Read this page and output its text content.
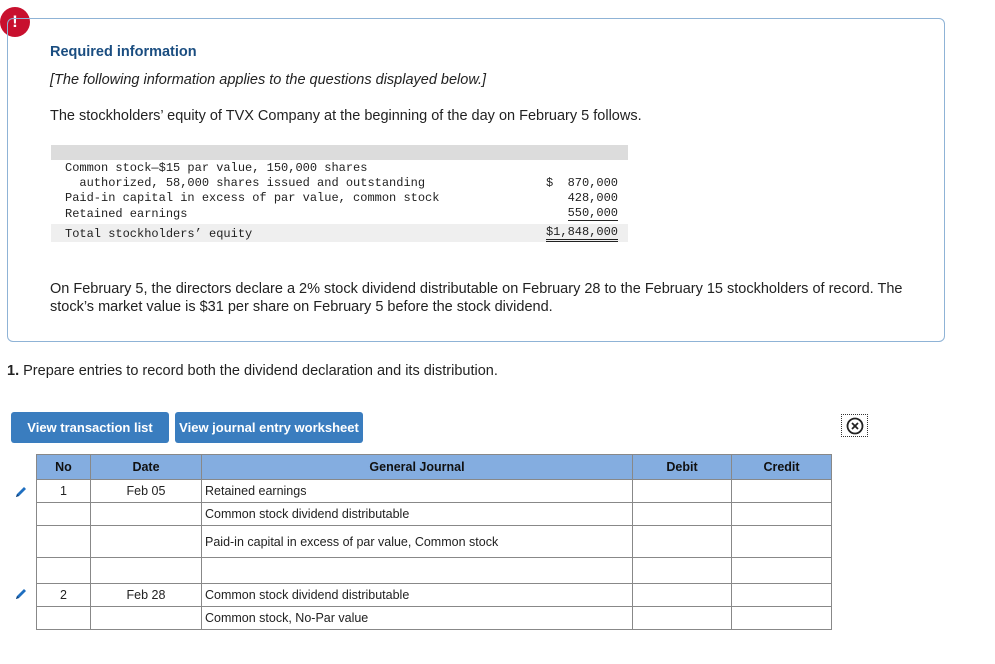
!
Required information
[The following information applies to the questions displayed below.]
The stockholders’ equity of TVX Company at the beginning of the day on February 5 follows.
Common stock—$15 par value, 150,000 shares
authorized, 58,000 shares issued and outstanding	$  870,000
Paid-in capital in excess of par value, common stock	428,000
Retained earnings	550,000
Total stockholders’ equity	$1,848,000
On February 5, the directors declare a 2% stock dividend distributable on February 28 to the February 15 stockholders of record. The stock’s market value is $31 per share on February 5 before the stock dividend.
1. Prepare entries to record both the dividend declaration and its distribution.
View transaction list	View journal entry worksheet
No	Date	General Journal	Debit	Credit
1	Feb 05	Retained earnings		
		Common stock dividend distributable		
		Paid-in capital in excess of par value, Common stock		

2	Feb 28	Common stock dividend distributable		
		Common stock, No-Par value		
